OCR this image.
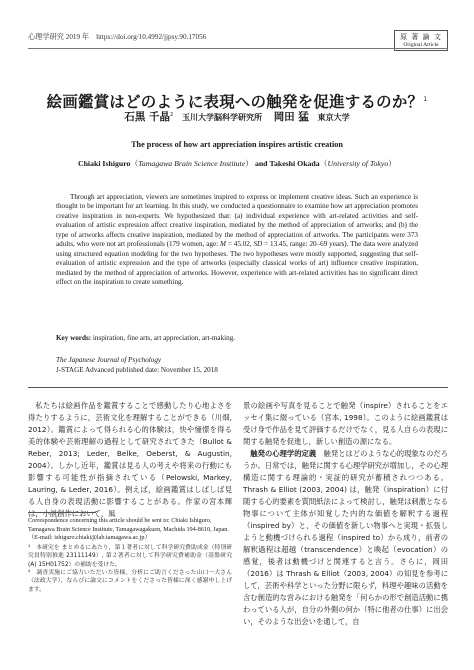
心理学研究 2019 年　https://doi.org/10.4992/jjpsy.90.17056	原 著 論 文
Original Article
絵画鑑賞はどのように表現への触発を促進するのか？$^1$
石黒 千晶$^2$ 玉川大学脳科学研究所 岡田 猛 東京大学
The process of how art appreciation inspires artistic creation
Chiaki Ishiguro（Tamagawa Brain Science Institute） and Takeshi Okada（University of Tokyo）
Through art appreciation, viewers are sometimes inspired to express or implement creative ideas. Such an experience is thought to be important for art learning. In this study, we conducted a questionnaire to examine how art appreciation promotes creative inspiration in non-experts. We hypothesized that: (a) individual experience with art-related activities and self-evaluation of artistic expression affect creative inspiration, mediated by the method of appreciation of artworks; and (b) the type of artworks affects creative inspiration, mediated by the method of appreciation of artworks. The participants were 373 adults, who were not art professionals (179 women, age: M = 45.02, SD = 13.45, range: 20–69 years). The data were analyzed using structured equation modeling for the two hypotheses. The two hypotheses were mostly supported, suggesting that self-evaluation of artistic expression and the type of artworks (especially classical works of art) influence creative inspiration, mediated by the method of appreciation of artworks. However, experience with art-related activities has no significant direct effect on the inspiration to create something.
Key words: inspiration, fine arts, art appreciation, art-making.
The Japanese Journal of Psychology
J-STAGE Advanced published date: November 15, 2018

私たちは絵画作品を鑑賞することで感動したり心地よさを得たりするように，芸術文化を理解することができる（川畑, 2012）。鑑賞によって得られる心的体験は，快や憧憬を得る美的体験や芸術理解の過程として研究されてきた（Bullot & Reber, 2013; Leder, Belke, Oeberst, & Augustin, 2004）。しかし近年，鑑賞は見る人の考えや将来の行動にも影響する可能性が指摘されている（Pelowski, Markey, Lauring, & Leder, 2016）。例えば，絵画鑑賞はしばしば見る人自身の表現活動に影響することがある。作家の宮本輝は，小説創作において，風

景の絵画や写真を見ることで触発（inspire）されることをエッセイ集に綴っている（宮本, 1998）。このように絵画鑑賞は受け身で作品を見て評価するだけでなく，見る人自らの表現に関する触発を促進し，新しい創造の源になる。

触発の心理学的定義　 触発とはどのような心的現象なのだろうか。日常では，触発に関する心理学研究が増加し，その心理構造に関する理論的・実証的研究が蓄積されつつある。Thrash & Elliot (2003, 2004) は，触発（inspiration）に付随する心的要素を質問紙法によって検討し，触発は刺激となる物事について主体が知覚した内的な価値を解釈する過程（inspired by）と，その価値を新しい物事へと実現・拡張しようと動機づけられる過程（inspired to）から成り，前者の解釈過程は超越（transcendence）と喚起（evocation）の感覚，後者は動機づけと関連すると言う。さらに，岡田（2016）は Thrash & Elliot（2003, 2004）の知見を参考にして，芸術や科学といった分野に限らず，料理や趣味の活動を含む創造的な営みにおける触発を「何らかの形で創造活動に携わっている人が，自分の外側の何か（特に他者の仕事）に出会い，そのような出会いを通して，自

Correspondence concerning this article should be sent to: Chiaki Ishiguro, Tamagawa Brain Science Institute, Tamagawagakuen, Machida 194-8610, Japan.（E-mail: ishiguro.chiaki@lab.tamagawa.ac.jp）

¹　本研究を まとめるにあたり，第１著者に対して科学研究費助成金（特別研究員特別推進 23111149）, 第２著者に対して科学研究費補助金（基盤研究(A) 15H01752）の補助を受けた。

²　調査実施にご協力いただいた皆様，分析にご助言くださった山口一大さん（法政大学），ならびに論文にコメントをくださった皆様に深く感謝申し上げます。
